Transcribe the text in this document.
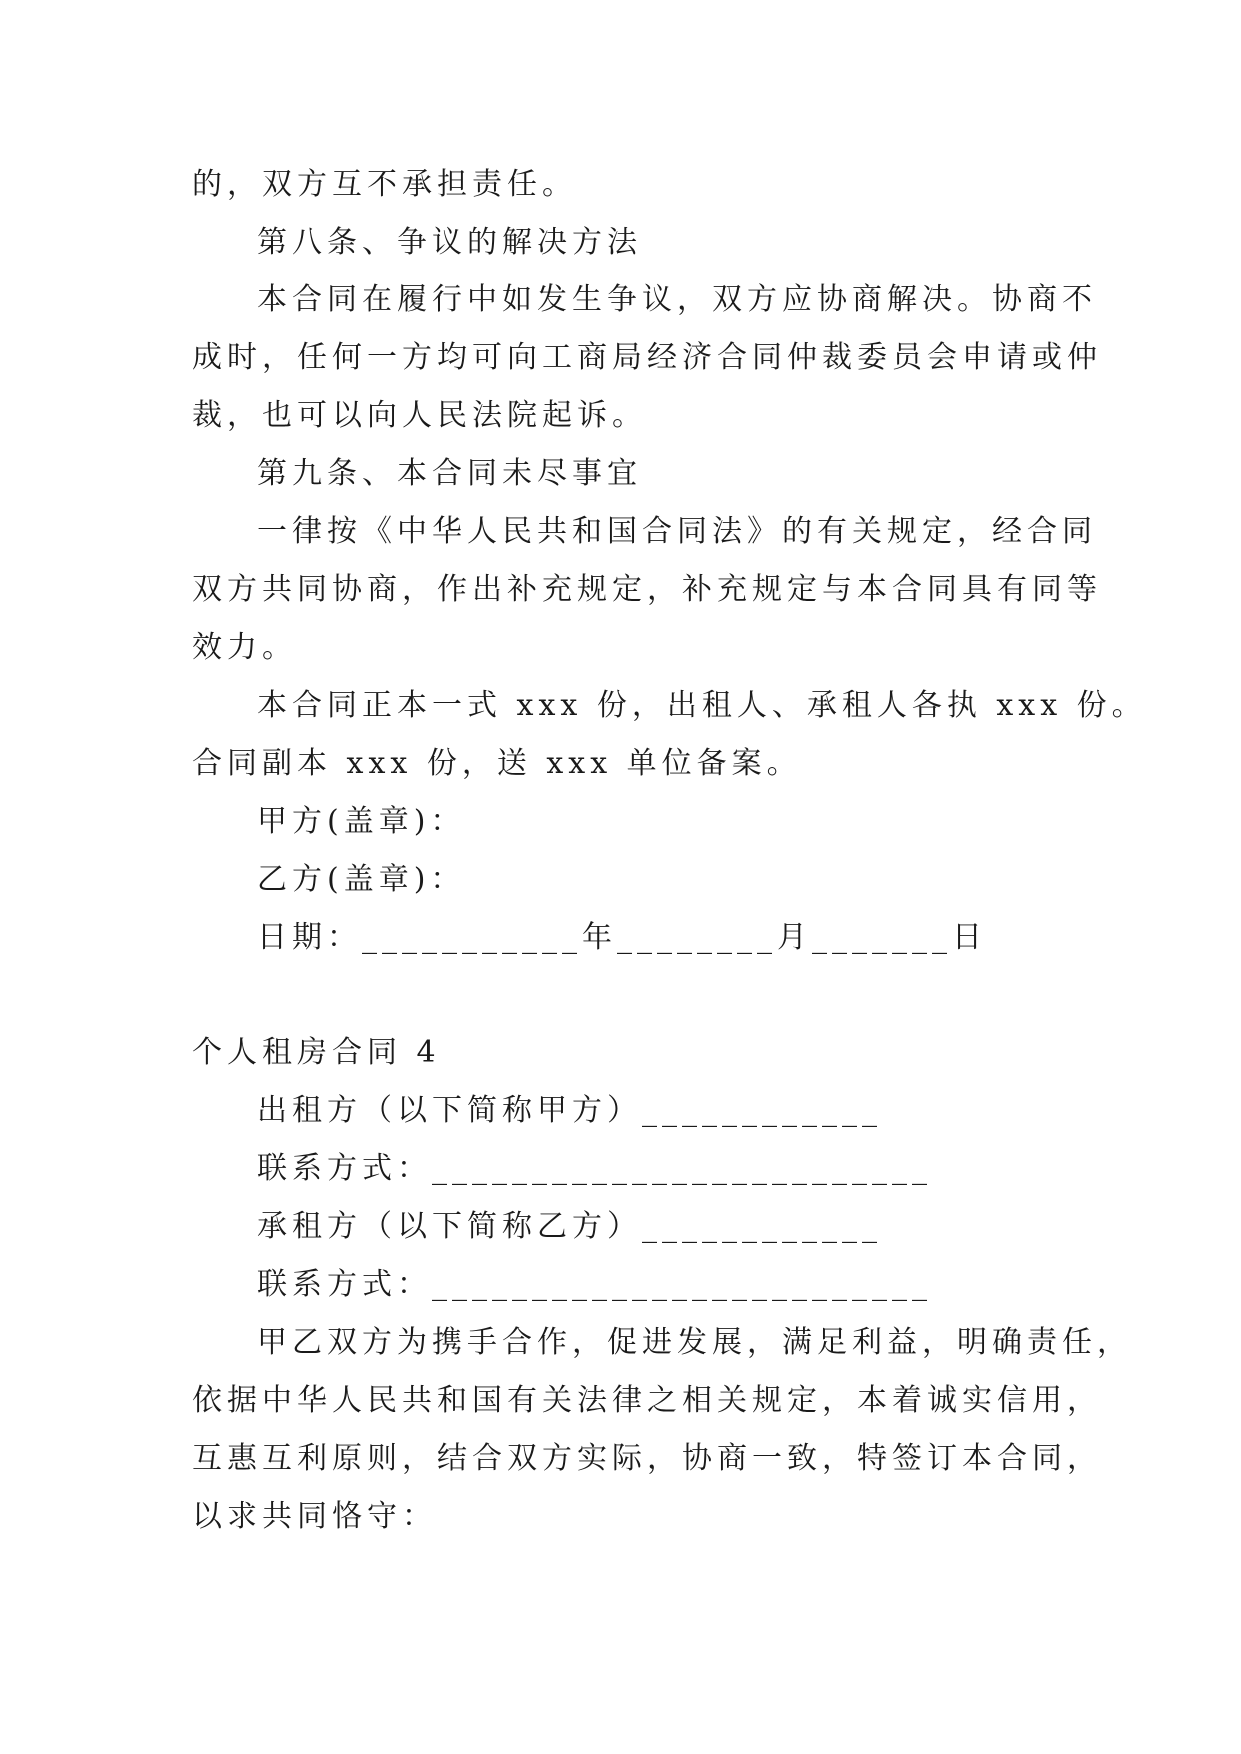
的，双方互不承担责任。
第八条、争议的解决方法
本合同在履行中如发生争议，双方应协商解决。协商不
成时，任何一方均可向工商局经济合同仲裁委员会申请或仲
裁，也可以向人民法院起诉。
第九条、本合同未尽事宜
一律按《中华人民共和国合同法》的有关规定，经合同
双方共同协商，作出补充规定，补充规定与本合同具有同等
效力。
本合同正本一式 xxx 份，出租人、承租人各执 xxx 份。
合同副本 xxx 份，送 xxx 单位备案。
甲方(盖章)：
乙方(盖章)：
日期：___________年________月_______日
个人租房合同 4
出租方（以下简称甲方）____________
联系方式：_________________________
承租方（以下简称乙方）____________
联系方式：_________________________
甲乙双方为携手合作，促进发展，满足利益，明确责任，
依据中华人民共和国有关法律之相关规定，本着诚实信用，
互惠互利原则，结合双方实际，协商一致，特签订本合同，
以求共同恪守：
